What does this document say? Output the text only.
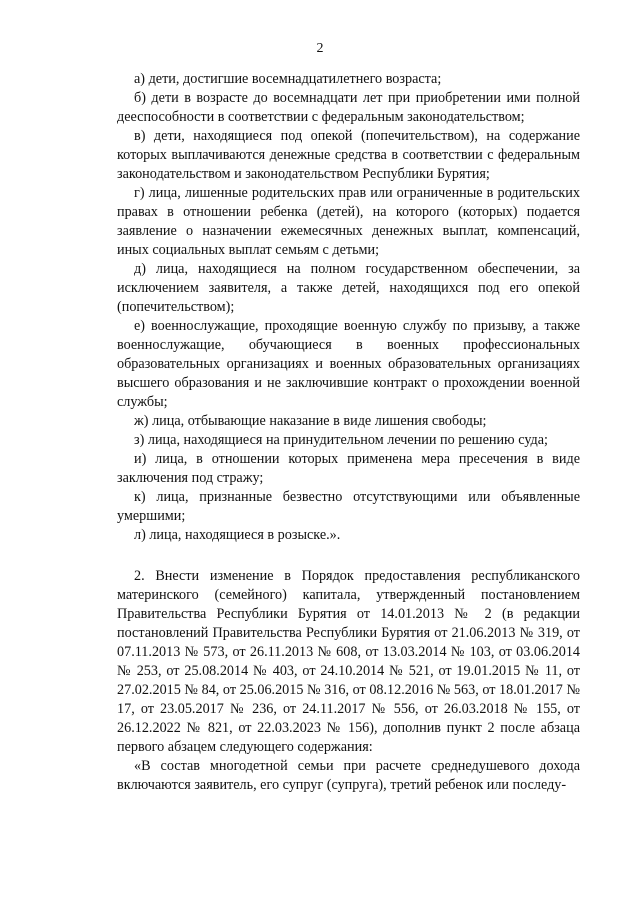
2

а) дети, достигшие восемнадцатилетнего возраста;

б) дети в возрасте до восемнадцати лет при приобретении ими полной дееспособности в соответствии с федеральным законодательством;

в) дети, находящиеся под опекой (попечительством), на содержание которых выплачиваются денежные средства в соответствии с федеральным законодательством и законодательством Республики Бурятия;

г) лица, лишенные родительских прав или ограниченные в родительских правах в отношении ребенка (детей), на которого (которых) подается заявление о назначении ежемесячных денежных выплат, компенсаций, иных социальных выплат семьям с детьми;

д) лица, находящиеся на полном государственном обеспечении, за исключением заявителя, а также детей, находящихся под его опекой (попечительством);

е) военнослужащие, проходящие военную службу по призыву, а также военнослужащие, обучающиеся в военных профессиональных образовательных организациях и военных образовательных организациях высшего образования и не заключившие контракт о прохождении военной службы;

ж) лица, отбывающие наказание в виде лишения свободы;

з) лица, находящиеся на принудительном лечении по решению суда;

и) лица, в отношении которых применена мера пресечения в виде заключения под стражу;

к) лица, признанные безвестно отсутствующими или объявленные умершими;

л) лица, находящиеся в розыске.».

2. Внести изменение в Порядок предоставления республиканского материнского (семейного) капитала, утвержденный постановлением Правительства Республики Бурятия от 14.01.2013 № 2 (в редакции постановлений Правительства Республики Бурятия от 21.06.2013 № 319, от 07.11.2013 № 573, от 26.11.2013 № 608, от 13.03.2014 № 103, от 03.06.2014 № 253, от 25.08.2014 № 403, от 24.10.2014 № 521, от 19.01.2015 № 11, от 27.02.2015 № 84, от 25.06.2015 № 316, от 08.12.2016 № 563, от 18.01.2017 № 17, от 23.05.2017 № 236, от 24.11.2017 № 556, от 26.03.2018 № 155, от 26.12.2022 № 821, от 22.03.2023 № 156), дополнив пункт 2 после абзаца первого абзацем следующего содержания:

«В состав многодетной семьи при расчете среднедушевого дохода включаются заявитель, его супруг (супруга), третий ребенок или последу-
